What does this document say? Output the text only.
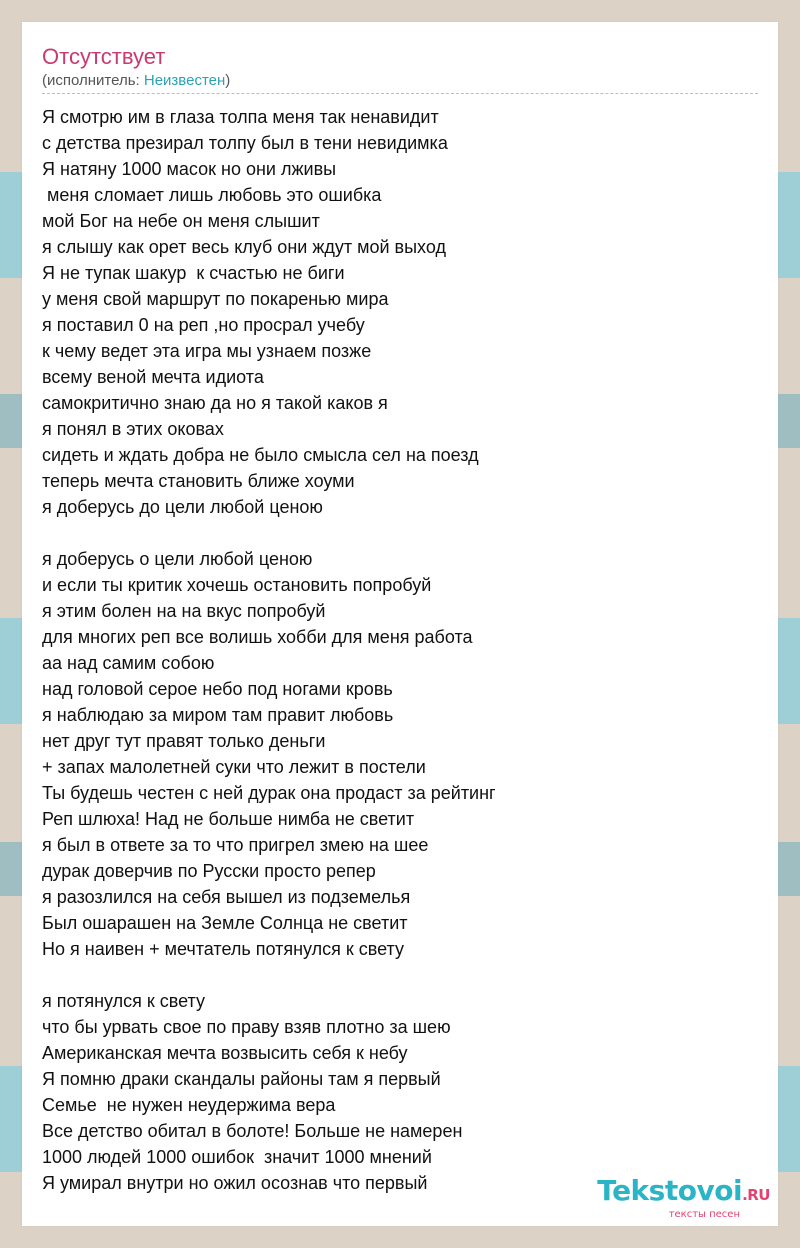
Отсутствует
(исполнитель: Неизвестен)
Я смотрю им в глаза толпа меня так ненавидит
с детства презирал толпу был в тени невидимка
Я натяну 1000 масок но они лживы
меня сломает лишь любовь это ошибка
мой Бог на небе он меня слышит
я слышу как орет весь клуб они ждут мой выход
Я не тупак шакур  к счастью не биги
у меня свой маршрут по покаренью мира
я поставил 0 на реп ,но просрал учебу
к чему ведет эта игра мы узнаем позже
всему веной мечта идиота
самокритично знаю да но я такой каков я
я понял в этих оковах
сидеть и ждать добра не было смысла сел на поезд
теперь мечта становить ближе хоуми
я доберусь до цели любой ценою
я доберусь о цели любой ценою
и если ты критик хочешь остановить попробуй
я этим болен на на вкус попробуй
для многих реп все волишь хобби для меня работа
аа над самим собою
над головой серое небо под ногами кровь
я наблюдаю за миром там правит любовь
нет друг тут правят только деньги
+ запах малолетней суки что лежит в постели
Ты будешь честен с ней дурак она продаст за рейтинг
Реп шлюха! Над не больше нимба не светит
я был в ответе за то что пригрел змею на шее
дурак доверчив по Русски просто репер
я разозлился на себя вышел из подземелья
Был ошарашен на Земле Солнца не светит
Но я наивен + мечтатель потянулся к свету
я потянулся к свету
что бы урвать свое по праву взяв плотно за шею
Американская мечта возвысить себя к небу
Я помню драки скандалы районы там я первый
Семье  не нужен неудержима вера
Все детство обитал в болоте! Больше не намерен
1000 людей 1000 ошибок  значит 1000 мнений
Я умирал внутри но ожил осознав что первый	Tekstovoi.RU
тексты песен
